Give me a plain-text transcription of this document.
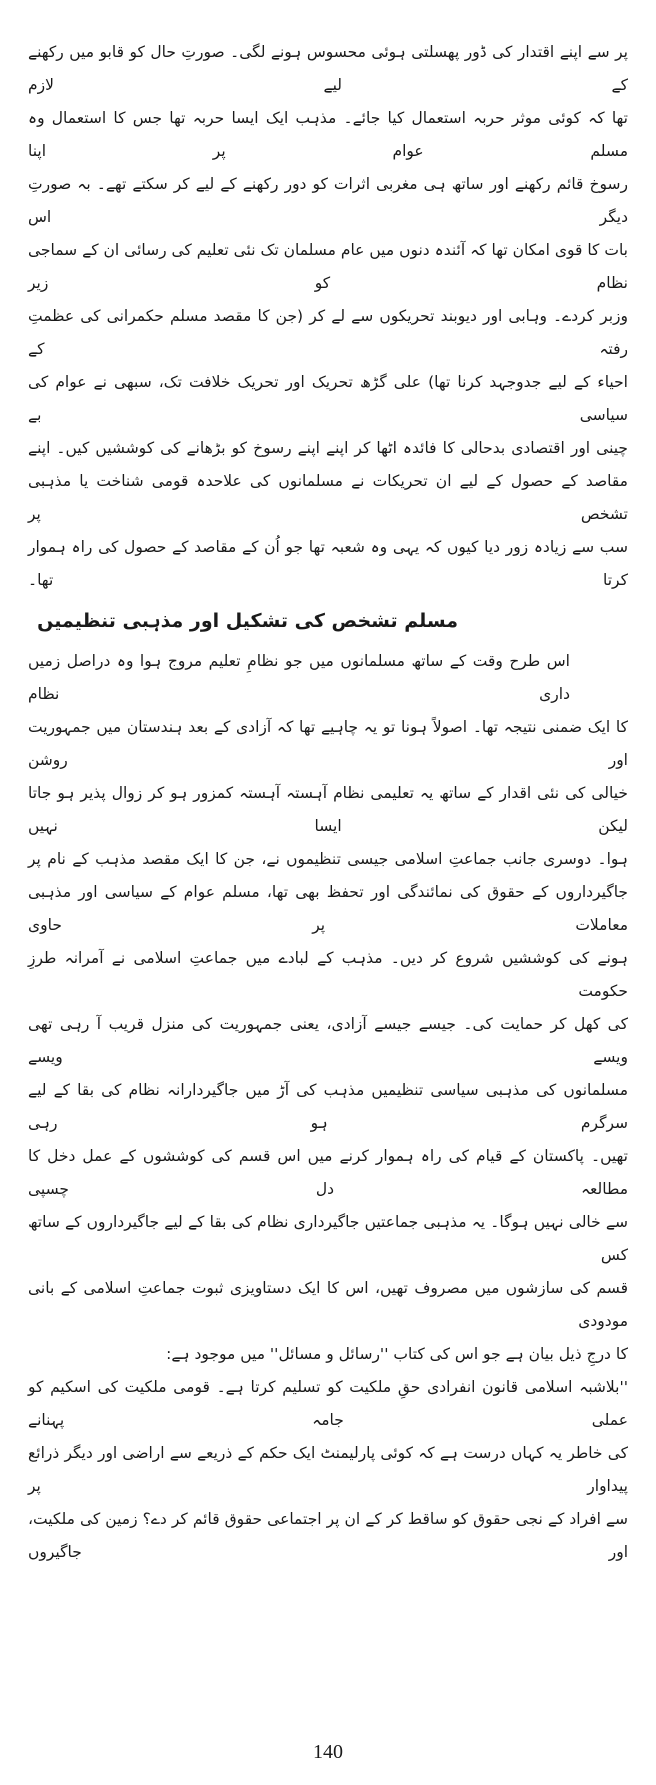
پر سے اپنے اقتدار کی ڈور پھسلتی ہوئی محسوس ہونے لگی۔ صورتِ حال کو قابو میں رکھنے کے لیے لازم
تھا کہ کوئی موثر حربہ استعمال کیا جائے۔ مذہب ایک ایسا حربہ تھا جس کا استعمال وہ مسلم عوام پر اپنا
رسوخ قائم رکھنے اور ساتھ ہی مغربی اثرات کو دور رکھنے کے لیے کر سکتے تھے۔ بہ صورتِ دیگر اس
بات کا قوی امکان تھا کہ آئندہ دنوں میں عام مسلمان تک نئی تعلیم کی رسائی ان کے سماجی نظام کو زیر
وزبر کردے۔ وہابی اور دیوبند تحریکوں سے لے کر (جن کا مقصد مسلم حکمرانی کی عظمتِ رفتہ کے
احیاء کے لیے جدوجہد کرنا تھا) علی گڑھ تحریک اور تحریک خلافت تک، سبھی نے عوام کی سیاسی بے
چینی اور اقتصادی بدحالی کا فائدہ اٹھا کر اپنے اپنے رسوخ کو بڑھانے کی کوششیں کیں۔ اپنے
مقاصد کے حصول کے لیے ان تحریکات نے مسلمانوں کی علاحدہ قومی شناخت یا مذہبی تشخص پر
سب سے زیادہ زور دیا کیوں کہ یہی وہ شعبہ تھا جو اُن کے مقاصد کے حصول کی راہ ہموار کرتا تھا۔
مسلم تشخص کی تشکیل اور مذہبی تنظیمیں
اس طرح وقت کے ساتھ مسلمانوں میں جو نظامِ تعلیم مروج ہوا وہ دراصل زمیں داری نظام
کا ایک ضمنی نتیجہ تھا۔ اصولاً ہونا تو یہ چاہیے تھا کہ آزادی کے بعد ہندستان میں جمہوریت اور روشن
خیالی کی نئی اقدار کے ساتھ یہ تعلیمی نظام آہستہ آہستہ کمزور ہو کر زوال پذیر ہو جاتا لیکن ایسا نہیں
ہوا۔ دوسری جانب جماعتِ اسلامی جیسی تنظیموں نے، جن کا ایک مقصد مذہب کے نام پر
جاگیرداروں کے حقوق کی نمائندگی اور تحفظ بھی تھا، مسلم عوام کے سیاسی اور مذہبی معاملات پر حاوی
ہونے کی کوششیں شروع کر دیں۔ مذہب کے لبادے میں جماعتِ اسلامی نے آمرانہ طرزِ حکومت
کی کھل کر حمایت کی۔ جیسے جیسے آزادی، یعنی جمہوریت کی منزل قریب آ رہی تھی ویسے ویسے
مسلمانوں کی مذہبی سیاسی تنظیمیں مذہب کی آڑ میں جاگیردارانہ نظام کی بقا کے لیے سرگرم ہو رہی
تھیں۔ پاکستان کے قیام کی راہ ہموار کرنے میں اس قسم کی کوششوں کے عمل دخل کا مطالعہ دل چسپی
سے خالی نہیں ہوگا۔ یہ مذہبی جماعتیں جاگیرداری نظام کی بقا کے لیے جاگیرداروں کے ساتھ کس
قسم کی سازشوں میں مصروف تھیں، اس کا ایک دستاویزی ثبوت جماعتِ اسلامی کے بانی مودودی
کا درجِ ذیل بیان ہے جو اس کی کتاب ''رسائل و مسائل'' میں موجود ہے:
''بلاشبہ اسلامی قانون انفرادی حقِ ملکیت کو تسلیم کرتا ہے۔ قومی ملکیت کی اسکیم کو عملی جامہ پہنانے
کی خاطر یہ کہاں درست ہے کہ کوئی پارلیمنٹ ایک حکم کے ذریعے سے اراضی اور دیگر ذرائع پیداوار پر
سے افراد کے نجی حقوق کو ساقط کر کے ان پر اجتماعی حقوق قائم کر دے؟ زمین کی ملکیت، اور جاگیروں
140
